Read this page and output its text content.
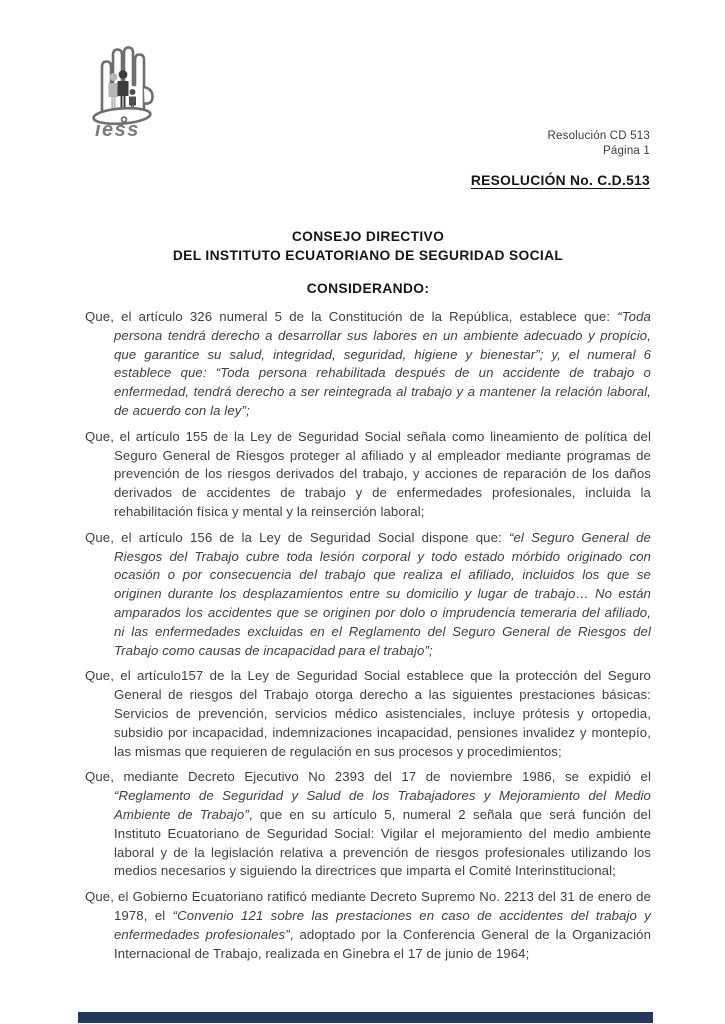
iess	Resolución CD 513
Página 1
RESOLUCIÓN No. C.D.513
CONSEJO DIRECTIVO
DEL INSTITUTO ECUATORIANO DE SEGURIDAD SOCIAL
CONSIDERANDO:
Que, el artículo 326 numeral 5 de la Constitución de la República, establece que: “Toda persona tendrá derecho a desarrollar sus labores en un ambiente adecuado y propicio, que garantice su salud, integridad, seguridad, higiene y bienestar”; y, el numeral 6 establece que: “Toda persona rehabilitada después de un accidente de trabajo o enfermedad, tendrá derecho a ser reintegrada al trabajo y a mantener la relación laboral, de acuerdo con la ley”;
Que, el artículo 155 de la Ley de Seguridad Social señala como lineamiento de política del Seguro General de Riesgos proteger al afiliado y al empleador mediante programas de prevención de los riesgos derivados del trabajo, y acciones de reparación de los daños derivados de accidentes de trabajo y de enfermedades profesionales, incluida la rehabilitación física y mental y la reinserción laboral;
Que, el artículo 156 de la Ley de Seguridad Social dispone que: “el Seguro General de Riesgos del Trabajo cubre toda lesión corporal y todo estado mórbido originado con ocasión o por consecuencia del trabajo que realiza el afiliado, incluidos los que se originen durante los desplazamientos entre su domicilio y lugar de trabajo… No están amparados los accidentes que se originen por dolo o imprudencia temeraria del afiliado, ni las enfermedades excluidas en el Reglamento del Seguro General de Riesgos del Trabajo como causas de incapacidad para el trabajo”;
Que, el artículo157 de la Ley de Seguridad Social establece que la protección del Seguro General de riesgos del Trabajo otorga derecho a las siguientes prestaciones básicas: Servicios de prevención, servicios médico asistenciales, incluye prótesis y ortopedia, subsidio por incapacidad, indemnizaciones incapacidad, pensiones invalidez y montepío, las mismas que requieren de regulación en sus procesos y procedimientos;
Que, mediante Decreto Ejecutivo No 2393 del 17 de noviembre 1986, se expidió el “Reglamento de Seguridad y Salud de los Trabajadores y Mejoramiento del Medio Ambiente de Trabajo”, que en su artículo 5, numeral 2 señala que será función del Instituto Ecuatoriano de Seguridad Social: Vigilar el mejoramiento del medio ambiente laboral y de la legislación relativa a prevención de riesgos profesionales utilizando los medios necesarios y siguiendo la directrices que imparta el Comité Interinstitucional;
Que, el Gobierno Ecuatoriano ratificó mediante Decreto Supremo No. 2213 del 31 de enero de 1978, el “Convenio 121 sobre las prestaciones en caso de accidentes del trabajo y enfermedades profesionales”, adoptado por la Conferencia General de la Organización Internacional de Trabajo, realizada en Ginebra el 17 de junio de 1964;
